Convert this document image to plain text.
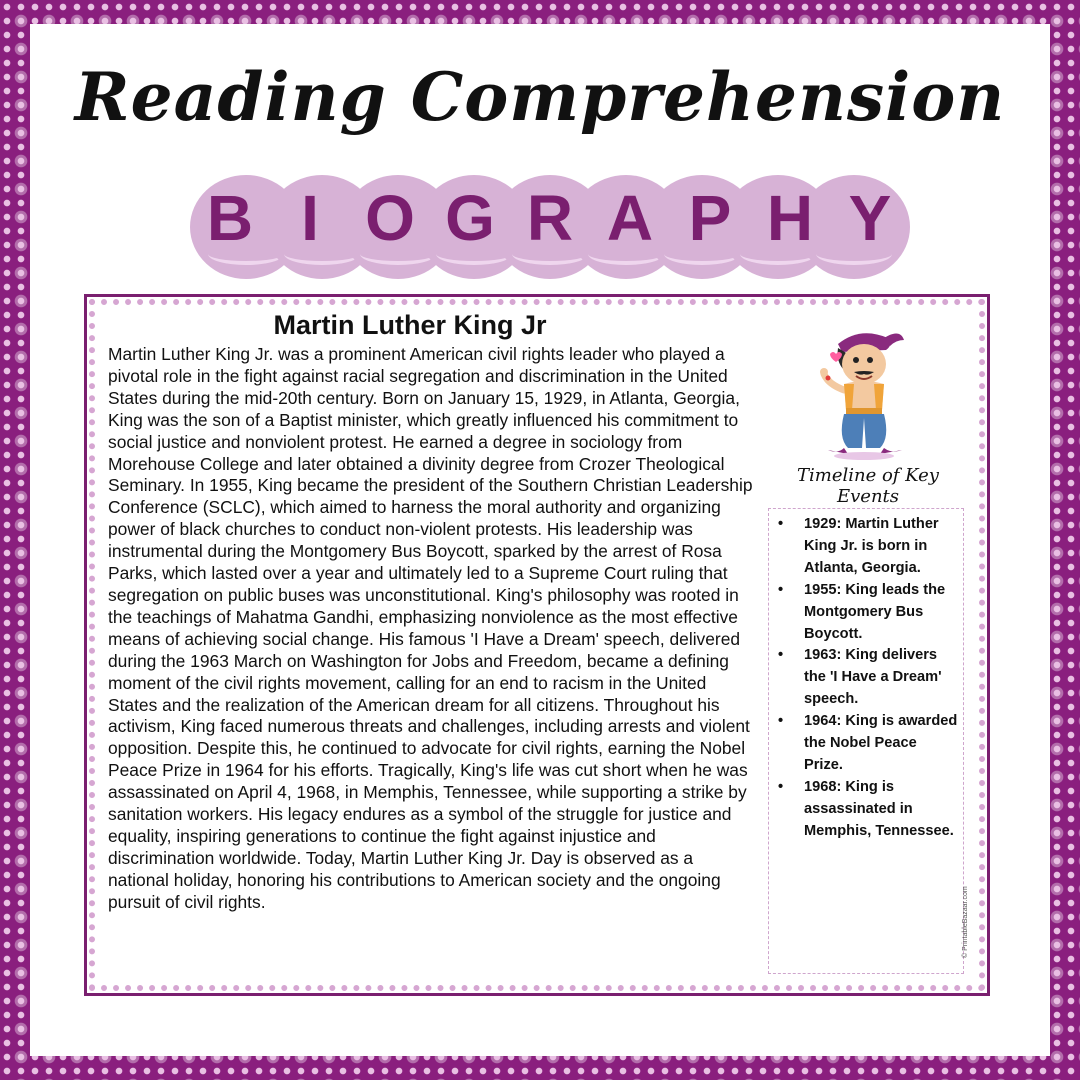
Reading Comprehension
B I O G R A P H Y
Martin Luther King Jr
Martin Luther King Jr. was a prominent American civil rights leader who played a pivotal role in the fight against racial segregation and discrimination in the United States during the mid-20th century. Born on January 15, 1929, in Atlanta, Georgia, King was the son of a Baptist minister, which greatly influenced his commitment to social justice and nonviolent protest. He earned a degree in sociology from Morehouse College and later obtained a divinity degree from Crozer Theological Seminary. In 1955, King became the president of the Southern Christian Leadership Conference (SCLC), which aimed to harness the moral authority and organizing power of black churches to conduct non-violent protests. His leadership was instrumental during the Montgomery Bus Boycott, sparked by the arrest of Rosa Parks, which lasted over a year and ultimately led to a Supreme Court ruling that segregation on public buses was unconstitutional. King's philosophy was rooted in the teachings of Mahatma Gandhi, emphasizing nonviolence as the most effective means of achieving social change. His famous 'I Have a Dream' speech, delivered during the 1963 March on Washington for Jobs and Freedom, became a defining moment of the civil rights movement, calling for an end to racism in the United States and the realization of the American dream for all citizens. Throughout his activism, King faced numerous threats and challenges, including arrests and violent opposition. Despite this, he continued to advocate for civil rights, earning the Nobel Peace Prize in 1964 for his efforts. Tragically, King's life was cut short when he was assassinated on April 4, 1968, in Memphis, Tennessee, while supporting a strike by sanitation workers. His legacy endures as a symbol of the struggle for justice and equality, inspiring generations to continue the fight against injustice and discrimination worldwide. Today, Martin Luther King Jr. Day is observed as a national holiday, honoring his contributions to American society and the ongoing pursuit of civil rights.
Timeline of Key Events
• 1929: Martin Luther King Jr. is born in Atlanta, Georgia.
• 1955: King leads the Montgomery Bus Boycott.
• 1963: King delivers the 'I Have a Dream' speech.
• 1964: King is awarded the Nobel Peace Prize.
• 1968: King is assassinated in Memphis, Tennessee.
© PrintableBazaar.com
